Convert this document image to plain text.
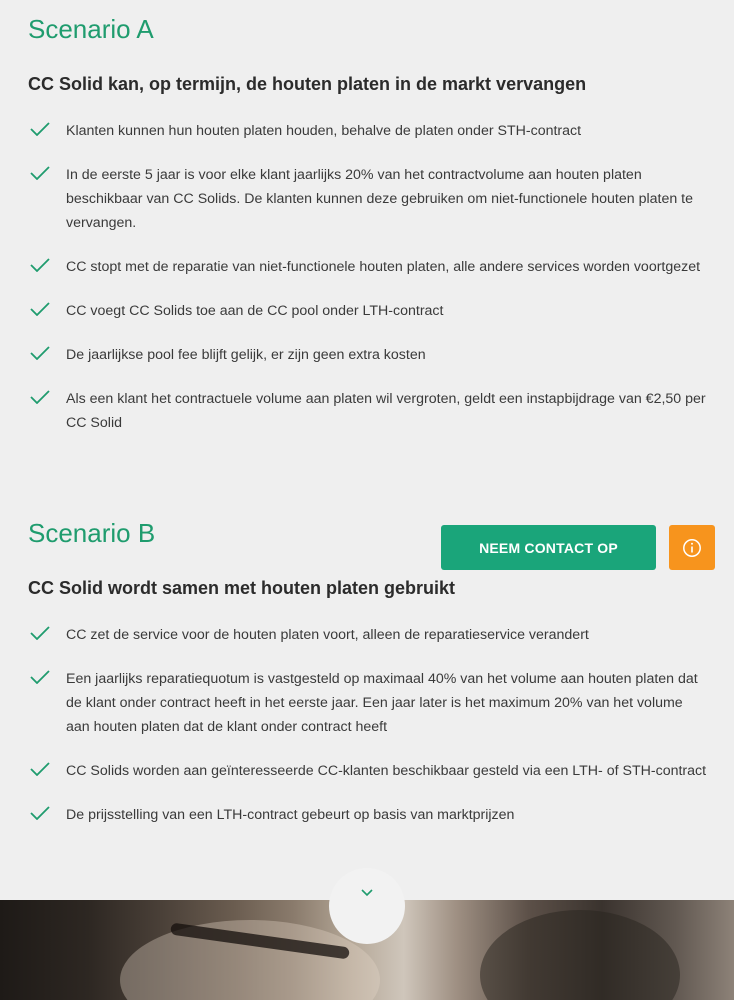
Scenario A
CC Solid kan, op termijn, de houten platen in de markt vervangen
Klanten kunnen hun houten platen houden, behalve de platen onder STH-contract
In de eerste 5 jaar is voor elke klant jaarlijks 20% van het contractvolume aan houten platen beschikbaar van CC Solids. De klanten kunnen deze gebruiken om niet-functionele houten platen te vervangen.
CC stopt met de reparatie van niet-functionele houten platen, alle andere services worden voortgezet
CC voegt CC Solids toe aan de CC pool onder LTH-contract
De jaarlijkse pool fee blijft gelijk, er zijn geen extra kosten
Als een klant het contractuele volume aan platen wil vergroten, geldt een instapbijdrage van €2,50 per CC Solid
Scenario B	NEEM CONTACT OP
CC Solid wordt samen met houten platen gebruikt
CC zet de service voor de houten platen voort, alleen de reparatieservice verandert
Een jaarlijks reparatiequotum is vastgesteld op maximaal 40% van het volume aan houten platen dat de klant onder contract heeft in het eerste jaar. Een jaar later is het maximum 20% van het volume aan houten platen dat de klant onder contract heeft
CC Solids worden aan geïnteresseerde CC-klanten beschikbaar gesteld via een LTH- of STH-contract
De prijsstelling van een LTH-contract gebeurt op basis van marktprijzen
